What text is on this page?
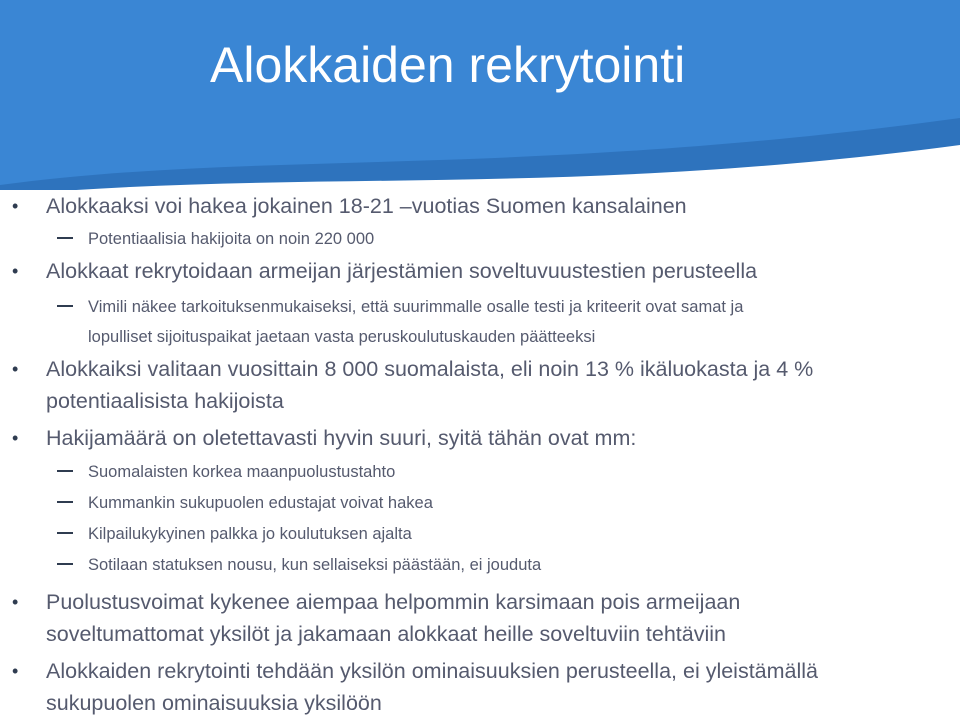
Alokkaiden rekrytointi
• Alokkaaksi voi hakea jokainen 18-21 –vuotias Suomen kansalainen
Potentiaalisia hakijoita on noin 220 000
• Alokkaat rekrytoidaan armeijan järjestämien soveltuvuustestien perusteella
Vimili näkee tarkoituksenmukaiseksi, että suurimmalle osalle testi ja kriteerit ovat samat ja
lopulliset sijoituspaikat jaetaan vasta peruskoulutuskauden päätteeksi
• Alokkaiksi valitaan vuosittain 8 000 suomalaista, eli noin 13 % ikäluokasta ja 4 %
potentiaalisista hakijoista
• Hakijamäärä on oletettavasti hyvin suuri, syitä tähän ovat mm:
Suomalaisten korkea maanpuolustustahto
Kummankin sukupuolen edustajat voivat hakea
Kilpailukykyinen palkka jo koulutuksen ajalta
Sotilaan statuksen nousu, kun sellaiseksi päästään, ei jouduta
• Puolustusvoimat kykenee aiempaa helpommin karsimaan pois armeijaan
soveltumattomat yksilöt ja jakamaan alokkaat heille soveltuviin tehtäviin
• Alokkaiden rekrytointi tehdään yksilön ominaisuuksien perusteella, ei yleistämällä
sukupuolen ominaisuuksia yksilöön
